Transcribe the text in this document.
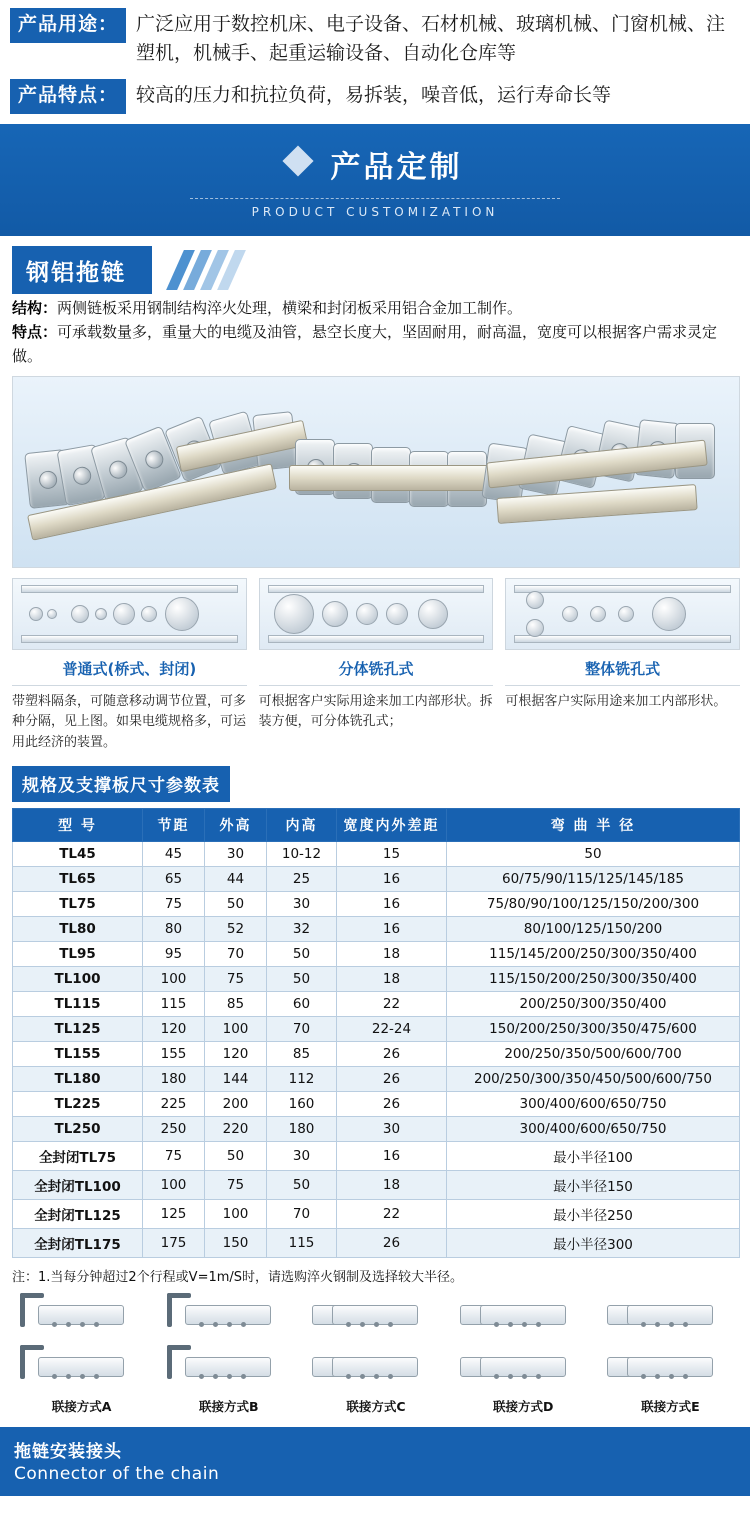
产品用途： 广泛应用于数控机床、电子设备、石材机械、玻璃机械、门窗机械、注塑机，机械手、起重运输设备、自动化仓库等
产品特点： 较高的压力和抗拉负荷，易拆装，噪音低，运行寿命长等
产品定制
PRODUCT CUSTOMIZATION
钢铝拖链
结构：两侧链板采用钢制结构淬火处理，横梁和封闭板采用铝合金加工制作。
特点：可承载数量多，重量大的电缆及油管，悬空长度大，坚固耐用，耐高温，宽度可以根据客户需求灵定做。
普通式(桥式、封闭)
带塑料隔条，可随意移动调节位置，可多种分隔，见上图。如果电缆规格多，可运用此经济的装置。
分体铣孔式
可根据客户实际用途来加工内部形状。拆装方便，可分体铣孔式；
整体铣孔式
可根据客户实际用途来加工内部形状。
规格及支撑板尺寸参数表
型 号	节距	外高	内高	宽度内外差距	弯 曲 半 径
TL45	45	30	10-12	15	50
TL65	65	44	25	16	60/75/90/115/125/145/185
TL75	75	50	30	16	75/80/90/100/125/150/200/300
TL80	80	52	32	16	80/100/125/150/200
TL95	95	70	50	18	115/145/200/250/300/350/400
TL100	100	75	50	18	115/150/200/250/300/350/400
TL115	115	85	60	22	200/250/300/350/400
TL125	120	100	70	22-24	150/200/250/300/350/475/600
TL155	155	120	85	26	200/250/350/500/600/700
TL180	180	144	112	26	200/250/300/350/450/500/600/750
TL225	225	200	160	26	300/400/600/650/750
TL250	250	220	180	30	300/400/600/650/750
全封闭TL75	75	50	30	16	最小半径100
全封闭TL100	100	75	50	18	最小半径150
全封闭TL125	125	100	70	22	最小半径250
全封闭TL175	175	150	115	26	最小半径300
注：1.当每分钟超过2个行程或V=1m/S时，请选购淬火钢制及选择较大半径。
联接方式A	联接方式B	联接方式C	联接方式D	联接方式E
拖链安装接头
Connector of the chain
